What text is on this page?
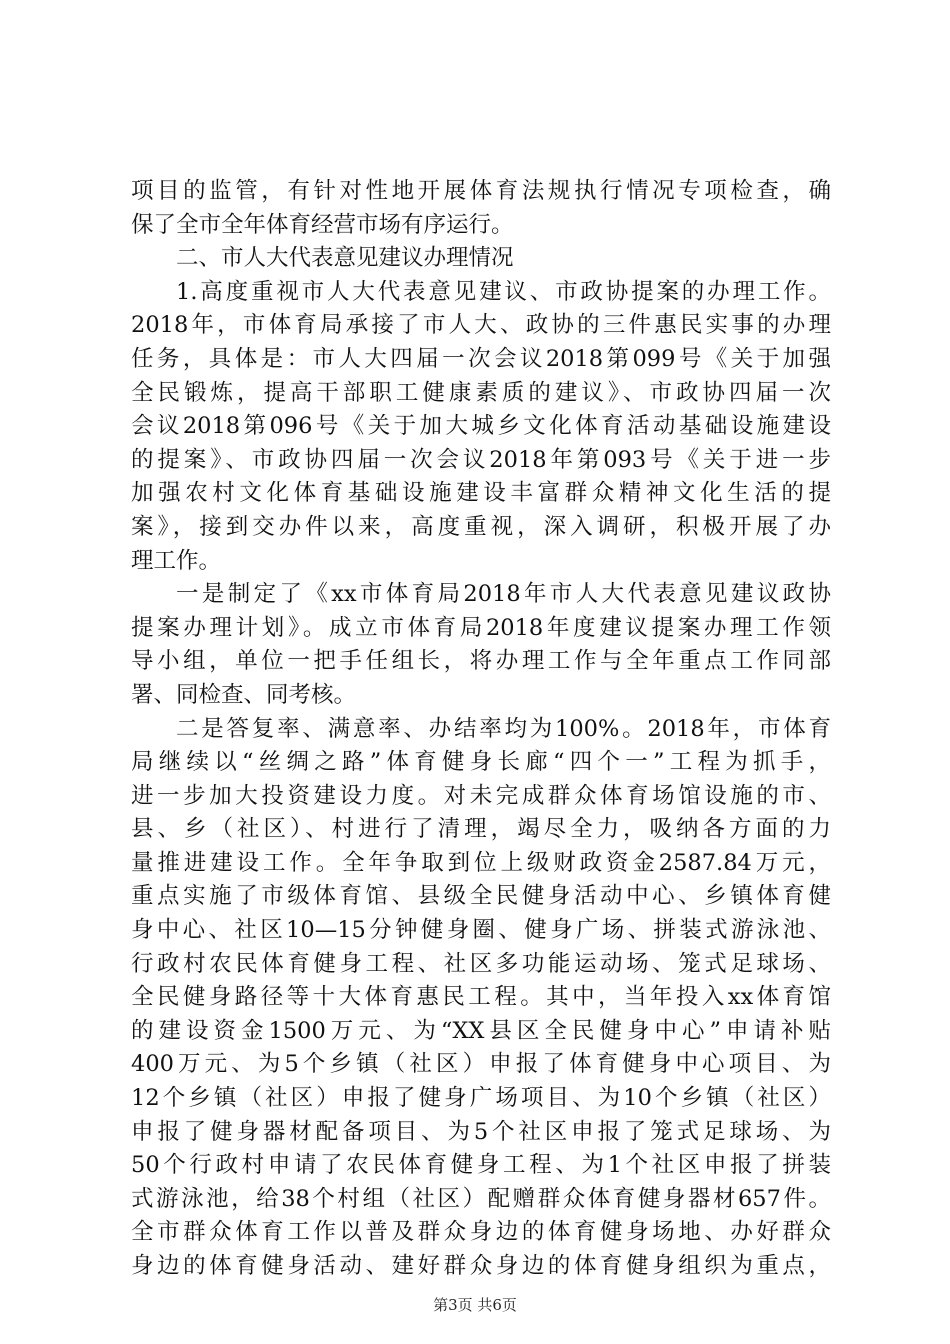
项目的监管，有针对性地开展体育法规执行情况专项检查，确
保了全市全年体育经营市场有序运行。
二、市人大代表意见建议办理情况
1.高度重视市人大代表意见建议、市政协提案的办理工作。
2018年，市体育局承接了市人大、政协的三件惠民实事的办理
任务，具体是：市人大四届一次会议2018第099号《关于加强
全民锻炼，提高干部职工健康素质的建议》、市政协四届一次
会议2018第096号《关于加大城乡文化体育活动基础设施建设
的提案》、市政协四届一次会议2018年第093号《关于进一步
加强农村文化体育基础设施建设丰富群众精神文化生活的提
案》，接到交办件以来，高度重视，深入调研，积极开展了办
理工作。
一是制定了《xx市体育局2018年市人大代表意见建议政协
提案办理计划》。成立市体育局2018年度建议提案办理工作领
导小组，单位一把手任组长，将办理工作与全年重点工作同部
署、同检查、同考核。
二是答复率、满意率、办结率均为100%。2018年，市体育
局继续以“丝绸之路”体育健身长廊“四个一”工程为抓手，
进一步加大投资建设力度。对未完成群众体育场馆设施的市、
县、乡（社区）、村进行了清理，竭尽全力，吸纳各方面的力
量推进建设工作。全年争取到位上级财政资金2587.84万元，
重点实施了市级体育馆、县级全民健身活动中心、乡镇体育健
身中心、社区10—15分钟健身圈、健身广场、拼装式游泳池、
行政村农民体育健身工程、社区多功能运动场、笼式足球场、
全民健身路径等十大体育惠民工程。其中，当年投入xx体育馆
的建设资金1500万元、为“XX县区全民健身中心”申请补贴
400万元、为5个乡镇（社区）申报了体育健身中心项目、为
12个乡镇（社区）申报了健身广场项目、为10个乡镇（社区）
申报了健身器材配备项目、为5个社区申报了笼式足球场、为
50个行政村申请了农民体育健身工程、为1个社区申报了拼装
式游泳池，给38个村组（社区）配赠群众体育健身器材657件。
全市群众体育工作以普及群众身边的体育健身场地、办好群众
身边的体育健身活动、建好群众身边的体育健身组织为重点，
第3页 共6页
